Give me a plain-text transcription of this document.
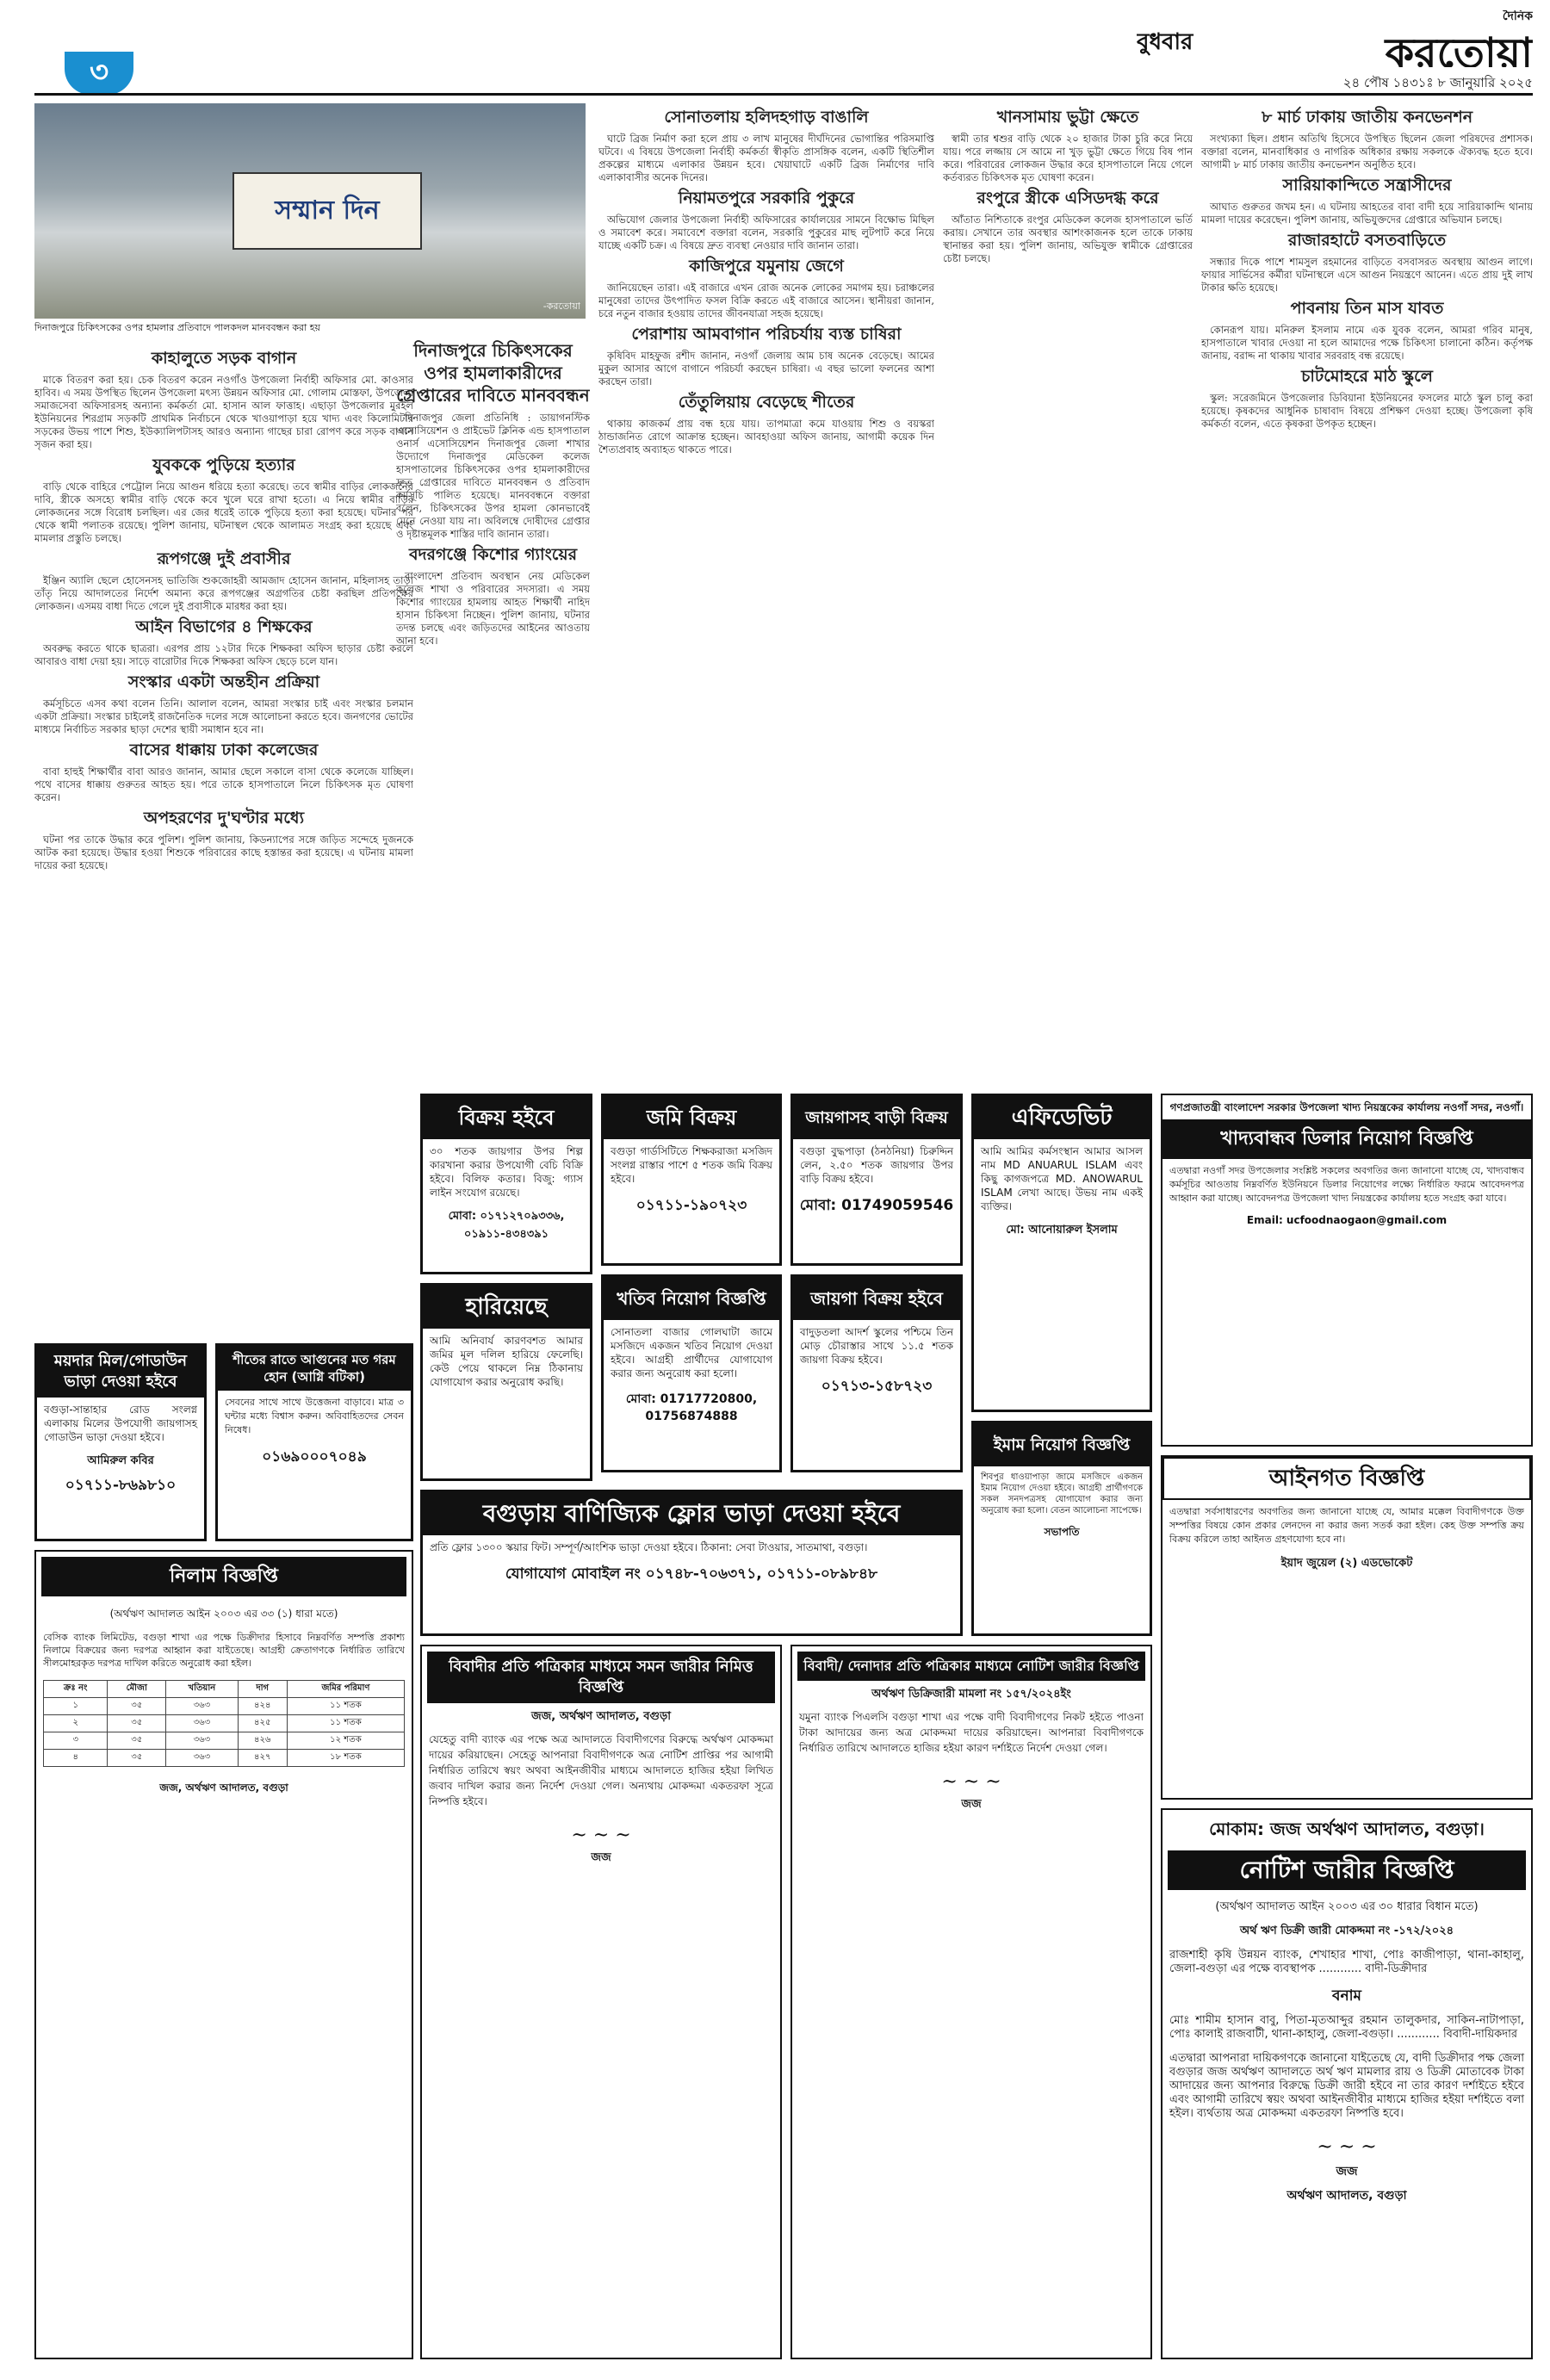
৩
বুধবার
দৈনিক
করতোয়া
২৪ পৌষ ১৪৩১ঃ ৮ জানুয়ারি ২০২৫
সম্মান দিন
-করতোয়া
দিনাজপুরে চিকিৎসকের ওপর হামলার প্রতিবাদে পালকদল মানববন্ধন করা হয়
কাহালুতে সড়ক বাগান

মাকে বিতরণ করা হয়। চেক বিতরণ করেন নওগাঁও উপজেলা নির্বাহী অফিসার মো. কাওসার হাবিব। এ সময় উপস্থিত ছিলেন উপজেলা মৎস্য উন্নয়ন অফিসার মো. গোলাম মোস্তফা, উপজেলা সমাজসেবা অফিসারসহ অন্যান্য কর্মকর্তা মো. হাসান আল ফাত্তাহ। এছাড়া উপজেলার মুরইল ইউনিয়নের শিরগ্রাম সড়কটি প্রাথমিক নির্বাচনে থেকে খাওয়াপাড়া হয়ে খাদ্য এবং কিলোমিটার সড়কের উভয় পাশে শিশু, ইউক্যালিপটাসহ আরও অন্যান্য গাছের চারা রোপণ করে সড়ক বাগান সৃজন করা হয়।

যুবককে পুড়িয়ে হত্যার

বাড়ি থেকে বাহিরে পেট্রোল নিয়ে আগুন ধরিয়ে হত্যা করেছে। তবে স্বামীর বাড়ির লোকজনের দাবি, স্ত্রীকে অসহ্যে স্বামীর বাড়ি থেকে কবে খুলে ঘরে রাখা হতো। এ নিয়ে স্বামীর বাড়ির লোকজনের সঙ্গে বিরোধ চলছিল। এর জের ধরেই তাকে পুড়িয়ে হত্যা করা হয়েছে। ঘটনার পর থেকে স্বামী পলাতক রয়েছে। পুলিশ জানায়, ঘটনাস্থল থেকে আলামত সংগ্রহ করা হয়েছে এবং মামলার প্রস্তুতি চলছে।

রূপগঞ্জে দুই প্রবাসীর

ইঞ্জিন অ্যালি ছেলে হোসেনসহ ভাতিজি শুকজোহরী আমজাদ হোসেন জানান, মহিলাসহ তাড়া তাঁতৃ নিয়ে আদালতের নির্দেশ অমান্য করে রূপগঞ্জের অগ্রগতির চেষ্টা করছিল প্রতিপক্ষের লোকজন। এসময় বাধা দিতে গেলে দুই প্রবাসীকে মারধর করা হয়।

আইন বিভাগের ৪ শিক্ষকের

অবরুদ্ধ করতে থাকে ছাত্ররা। এরপর প্রায় ১২টার দিকে শিক্ষকরা অফিস ছাড়ার চেষ্টা করলে আবারও বাধা দেয়া হয়। সাড়ে বারোটার দিকে শিক্ষকরা অফিস ছেড়ে চলে যান।

সংস্কার একটা অন্তহীন প্রক্রিয়া

কর্মসূচিতে এসব কথা বলেন তিনি। আলাল বলেন, আমরা সংস্কার চাই এবং সংস্কার চলমান একটা প্রক্রিয়া। সংস্কার চাইলেই রাজনৈতিক দলের সঙ্গে আলোচনা করতে হবে। জনগণের ভোটের মাধ্যমে নির্বাচিত সরকার ছাড়া দেশের স্থায়ী সমাধান হবে না।

বাসের ধাক্কায় ঢাকা কলেজের

বাবা হাহুই শিক্ষার্থীর বাবা আরও জানান, আমার ছেলে সকালে বাসা থেকে কলেজে যাচ্ছিল। পথে বাসের ধাক্কায় গুরুতর আহত হয়। পরে তাকে হাসপাতালে নিলে চিকিৎসক মৃত ঘোষণা করেন।

অপহরণের দু'ঘণ্টার মধ্যে

ঘটনা পর তাকে উদ্ধার করে পুলিশ। পুলিশ জানায়, কিডন্যাপের সঙ্গে জড়িত সন্দেহে দুজনকে আটক করা হয়েছে। উদ্ধার হওয়া শিশুকে পরিবারের কাছে হস্তান্তর করা হয়েছে। এ ঘটনায় মামলা দায়ের করা হয়েছে।

দিনাজপুরে চিকিৎসকের ওপর হামলাকারীদের গ্রেপ্তারের দাবিতে মানববন্ধন

দিনাজপুর জেলা প্রতিনিধি : ডায়াগনস্টিক এসোসিয়েশন ও প্রাইভেট ক্লিনিক এন্ড হাসপাতাল ওনার্স এসোসিয়েশন দিনাজপুর জেলা শাখার উদ্যোগে দিনাজপুর মেডিকেল কলেজ হাসপাতালের চিকিৎসকের ওপর হামলাকারীদের দ্রুত গ্রেপ্তারের দাবিতে মানববন্ধন ও প্রতিবাদ কর্মসূচি পালিত হয়েছে। মানববন্ধনে বক্তারা বলেন, চিকিৎসকের উপর হামলা কোনভাবেই মেনে নেওয়া যায় না। অবিলম্বে দোষীদের গ্রেপ্তার ও দৃষ্টান্তমূলক শাস্তির দাবি জানান তারা।

বদরগঞ্জে কিশোর গ্যাংয়ের

বাংলাদেশ প্রতিবাদ অবস্থান নেয় মেডিকেল কলেজ শাখা ও পরিবারের সদস্যরা। এ সময় কিশোর গ্যাংয়ের হামলায় আহত শিক্ষার্থী নাহিদ হাসান চিকিৎসা নিচ্ছেন। পুলিশ জানায়, ঘটনার তদন্ত চলছে এবং জড়িতদের আইনের আওতায় আনা হবে।

সোনাতলায় হলিদহগাড় বাঙালি

ঘাটে ব্রিজ নির্মাণ করা হলে প্রায় ৩ লাখ মানুষের দীর্ঘদিনের ভোগান্তির পরিসমাপ্তি ঘটবে। এ বিষয়ে উপজেলা নির্বাহী কর্মকর্তা স্বীকৃতি প্রাসঙ্গিক বলেন, একটি স্থিতিশীল প্রকল্পের মাধ্যমে এলাকার উন্নয়ন হবে। খেয়াঘাটে একটি ব্রিজ নির্মাণের দাবি এলাকাবাসীর অনেক দিনের।

নিয়ামতপুরে সরকারি পুকুরে

অভিযোগ জেলার উপজেলা নির্বাহী অফিসারের কার্যালয়ের সামনে বিক্ষোভ মিছিল ও সমাবেশ করে। সমাবেশে বক্তারা বলেন, সরকারি পুকুরের মাছ লুটপাট করে নিয়ে যাচ্ছে একটি চক্র। এ বিষয়ে দ্রুত ব্যবস্থা নেওয়ার দাবি জানান তারা।

কাজিপুরে যমুনায় জেগে

জানিয়েছেন তারা। এই বাজারে এখন রোজ অনেক লোকের সমাগম হয়। চরাঞ্চলের মানুষেরা তাদের উৎপাদিত ফসল বিক্রি করতে এই বাজারে আসেন। স্থানীয়রা জানান, চরে নতুন বাজার হওয়ায় তাদের জীবনযাত্রা সহজ হয়েছে।

পেরাশায় আমবাগান পরিচর্যায় ব্যস্ত চাষিরা

কৃষিবিদ মাহফুজ রশীদ জানান, নওগাঁ জেলায় আম চাষ অনেক বেড়েছে। আমের মুকুল আসার আগে বাগানে পরিচর্যা করছেন চাষিরা। এ বছর ভালো ফলনের আশা করছেন তারা।

তেঁতুলিয়ায় বেড়েছে শীতের

থাকায় কাজকর্ম প্রায় বন্ধ হয়ে যায়। তাপমাত্রা কমে যাওয়ায় শিশু ও বয়স্করা ঠান্ডাজনিত রোগে আক্রান্ত হচ্ছেন। আবহাওয়া অফিস জানায়, আগামী কয়েক দিন শৈত্যপ্রবাহ অব্যাহত থাকতে পারে।

খানসামায় ভুট্টা ক্ষেতে

স্বামী তার শ্বশুর বাড়ি থেকে ২০ হাজার টাকা চুরি করে নিয়ে যায়। পরে লজ্জায় সে আমে না খুড় ভুট্টা ক্ষেতে গিয়ে বিষ পান করে। পরিবারের লোকজন উদ্ধার করে হাসপাতালে নিয়ে গেলে কর্তব্যরত চিকিৎসক মৃত ঘোষণা করেন।

রংপুরে স্ত্রীকে এসিডদগ্ধ করে

আঁতাত নিশিতাকে রংপুর মেডিকেল কলেজ হাসপাতালে ভর্তি করায়। সেখানে তার অবস্থার আশংকাজনক হলে তাকে ঢাকায় স্থানান্তর করা হয়। পুলিশ জানায়, অভিযুক্ত স্বামীকে গ্রেপ্তারের চেষ্টা চলছে।

৮ মার্চ ঢাকায় জাতীয় কনভেনশন

সংখ্যক্যা ছিল। প্রধান অতিথি হিসেবে উপস্থিত ছিলেন জেলা পরিষদের প্রশাসক। বক্তারা বলেন, মানবাধিকার ও নাগরিক অধিকার রক্ষায় সকলকে ঐক্যবদ্ধ হতে হবে। আগামী ৮ মার্চ ঢাকায় জাতীয় কনভেনশন অনুষ্ঠিত হবে।

সারিয়াকান্দিতে সন্ত্রাসীদের

আঘাত গুরুতর জখম হন। এ ঘটনায় আহতের বাবা বাদী হয়ে সারিয়াকান্দি থানায় মামলা দায়ের করেছেন। পুলিশ জানায়, অভিযুক্তদের গ্রেপ্তারে অভিযান চলছে।

রাজারহাটে বসতবাড়িতে

সন্ধ্যার দিকে পাশে শামসুল রহমানের বাড়িতে বসবাসরত অবস্থায় আগুন লাগে। ফায়ার সার্ভিসের কর্মীরা ঘটনাস্থলে এসে আগুন নিয়ন্ত্রণে আনেন। এতে প্রায় দুই লাখ টাকার ক্ষতি হয়েছে।

পাবনায় তিন মাস যাবত

কোনরূপ যায়। মনিরুল ইসলাম নামে এক যুবক বলেন, আমরা গরিব মানুষ, হাসপাতালে খাবার দেওয়া না হলে আমাদের পক্ষে চিকিৎসা চালানো কঠিন। কর্তৃপক্ষ জানায়, বরাদ্দ না থাকায় খাবার সরবরাহ বন্ধ রয়েছে।

চাটমোহরে মাঠ স্কুলে

স্কুল: সরেজমিনে উপজেলার ডিবিয়ানা ইউনিয়নের ফসলের মাঠে স্কুল চালু করা হয়েছে। কৃষকদের আধুনিক চাষাবাদ বিষয়ে প্রশিক্ষণ দেওয়া হচ্ছে। উপজেলা কৃষি কর্মকর্তা বলেন, এতে কৃষকরা উপকৃত হচ্ছেন।

বিক্রয় হইবে
৩০ শতক জায়গার উপর শিল্প কারখানা করার উপযোগী বেচি বিক্রি হইবে। বিলিফ কতার। বিজু: গ্যাস লাইন সংযোগ রয়েছে।
মোবা: ০১৭১২৭০৯৩৩৬, ০১৯১১-৪৩৪৩৯১
জমি বিক্রয়
বগুড়া গার্ডসিটিতে শিক্ষকরাজা মসজিদ সংলগ্ন রাস্তার পাশে ৫ শতক জমি বিক্রয় হইবে।
০১৭১১-১৯০৭২৩
জায়গাসহ বাড়ী বিক্রয়
বগুড়া বুদ্ধপাড়া (ঠনঠনিয়া) চিরুদ্দিন লেন, ২.৫০ শতক জায়গার উপর বাড়ি বিক্রয় হইবে।
মোবা: 01749059546
এফিডেভিট
আমি আমির কর্মসংস্থান আমার আসল নাম MD ANUARUL ISLAM এবং কিছু কাগজপত্রে MD. ANOWARUL ISLAM লেখা আছে। উভয় নাম একই ব্যক্তির।
মো: আনোয়ারুল ইসলাম
খতিব নিয়োগ বিজ্ঞপ্তি
সোনাতলা বাজার গোলঘাটা জামে মসজিদে একজন খতিব নিয়োগ দেওয়া হইবে। আগ্রহী প্রার্থীদের যোগাযোগ করার জন্য অনুরোধ করা হলো।
মোবা: 01717720800, 01756874888
জায়গা বিক্রয় হইবে
বাদুড়তলা আদর্শ স্কুলের পশ্চিমে তিন মোড় চৌরাস্তার সাথে ১১.৫ শতক জায়গা বিক্রয় হইবে।
০১৭১৩-১৫৮৭২৩
হারিয়েছে
আমি অনিবার্য কারণবশত আমার জমির মূল দলিল হারিয়ে ফেলেছি। কেউ পেয়ে থাকলে নিম্ন ঠিকানায় যোগাযোগ করার অনুরোধ করছি।
বগুড়ায় বাণিজ্যিক ফ্লোর ভাড়া দেওয়া হইবে
প্রতি ফ্লোর ১৩০০ স্কয়ার ফিট। সম্পূর্ণ/আংশিক ভাড়া দেওয়া হইবে। ঠিকানা: সেবা টাওয়ার, সাতমাথা, বগুড়া।
যোগাযোগ মোবাইল নং ০১৭৪৮-৭০৬৩৭১, ০১৭১১-০৮৯৮৪৮
ইমাম নিয়োগ বিজ্ঞপ্তি
শিবপুর ধাওয়াপাড়া জামে মসজিদে একজন ইমাম নিয়োগ দেওয়া হইবে। আগ্রহী প্রার্থীগণকে সকল সনদপত্রসহ যোগাযোগ করার জন্য অনুরোধ করা হলো। বেতন আলোচনা সাপেক্ষে।
সভাপতি
ময়দার মিল/গোডাউন ভাড়া দেওয়া হইবে
বগুড়া-সান্তাহার রোড সংলগ্ন এলাকায় মিলের উপযোগী জায়গাসহ গোডাউন ভাড়া দেওয়া হইবে।
আমিরুল কবির
০১৭১১-৮৬৯৮১০
শীতের রাতে আগুনের মত গরম হোন (আগ্নি বটিকা)
সেবনের সাথে সাথে উত্তেজনা বাড়াবে। মাত্র ৩ ঘন্টার মধ্যে বিশ্বাস করুন। অবিবাহিতদের সেবন নিষেধ।
০১৬৯০০০৭০৪৯
গণপ্রজাতন্ত্রী বাংলাদেশ সরকার উপজেলা খাদ্য নিয়ন্ত্রকের কার্যালয় নওগাঁ সদর, নওগাঁ।
খাদ্যবান্ধব ডিলার নিয়োগ বিজ্ঞপ্তি
এতদ্বারা নওগাঁ সদর উপজেলার সংশ্লিষ্ট সকলের অবগতির জন্য জানানো যাচ্ছে যে, খাদ্যবান্ধব কর্মসূচির আওতায় নিম্নবর্ণিত ইউনিয়নে ডিলার নিয়োগের লক্ষ্যে নির্ধারিত ফরমে আবেদনপত্র আহ্বান করা যাচ্ছে। আবেদনপত্র উপজেলা খাদ্য নিয়ন্ত্রকের কার্যালয় হতে সংগ্রহ করা যাবে।
Email: ucfoodnaogaon@gmail.com
আইনগত বিজ্ঞপ্তি
এতদ্বারা সর্বসাধারণের অবগতির জন্য জানানো যাচ্ছে যে, আমার মক্কেল বিবাদীগণকে উক্ত সম্পত্তির বিষয়ে কোন প্রকার লেনদেন না করার জন্য সতর্ক করা হইল। কেহ উক্ত সম্পত্তি ক্রয় বিক্রয় করিলে তাহা আইনত গ্রহণযোগ্য হবে না।
ইয়াদ জুয়েল (২) এডভোকেট
মোকাম: জজ অর্থঋণ আদালত, বগুড়া।
নোটিশ জারীর বিজ্ঞপ্তি
(অর্থঋণ আদালত আইন ২০০৩ এর ৩০ ধারার বিধান মতে)
অর্থ ঋণ ডিক্রী জারী মোকদ্দমা নং -১৭২/২০২৪
রাজশাহী কৃষি উন্নয়ন ব্যাংক, শেখাহার শাখা, পোঃ কাজীপাড়া, থানা-কাহালু, জেলা-বগুড়া এর পক্ষে ব্যবস্থাপক ............ বাদী-ডিক্রীদার
বনাম
মোঃ শামীম হাসান বাবু, পিতা-মৃতআব্দুর রহমান তালুকদার, সাকিন-নাটাপাড়া, পোঃ কালাই রাজবাটী, থানা-কাহালু, জেলা-বগুড়া। ............ বিবাদী-দায়িকদার
এতদ্বারা আপনারা দায়িকগণকে জানানো যাইতেছে যে, বাদী ডিক্রীদার পক্ষ জেলা বগুড়ার জজ অর্থঋণ আদালতে অর্থ ঋণ মামলার রায় ও ডিক্রী মোতাবেক টাকা আদায়ের জন্য আপনার বিরুদ্ধে ডিক্রী জারী হইবে না তার কারণ দর্শাইতে হইবে এবং আগামী তারিখে স্বয়ং অথবা আইনজীবীর মাধ্যমে হাজির হইয়া দর্শাইতে বলা হইল। ব্যর্থতায় অত্র মোকদ্দমা একতরফা নিষ্পত্তি হবে।
~ ~ ~
জজ
অর্থঋণ আদালত, বগুড়া
বিবাদীর প্রতি পত্রিকার মাধ্যমে সমন জারীর নিমিত্ত বিজ্ঞপ্তি
জজ, অর্থঋণ আদালত, বগুড়া
যেহেতু বাদী ব্যাংক এর পক্ষে অত্র আদালতে বিবাদীগণের বিরুদ্ধে অর্থঋণ মোকদ্দমা দায়ের করিয়াছেন। সেহেতু আপনারা বিবাদীগণকে অত্র নোটিশ প্রাপ্তির পর আগামী নির্ধারিত তারিখে স্বয়ং অথবা আইনজীবীর মাধ্যমে আদালতে হাজির হইয়া লিখিত জবাব দাখিল করার জন্য নির্দেশ দেওয়া গেল। অন্যথায় মোকদ্দমা একতরফা সূত্রে নিষ্পত্তি হইবে।
~ ~ ~
জজ
বিবাদী/ দেনাদার প্রতি পত্রিকার মাধ্যমে নোটিশ জারীর বিজ্ঞপ্তি
অর্থঋণ ডিক্রিজারী মামলা নং ১৫৭/২০২৪ইং
যমুনা ব্যাংক পিএলসি বগুড়া শাখা এর পক্ষে বাদী বিবাদীগণের নিকট হইতে পাওনা টাকা আদায়ের জন্য অত্র মোকদ্দমা দায়ের করিয়াছেন। আপনারা বিবাদীগণকে নির্ধারিত তারিখে আদালতে হাজির হইয়া কারণ দর্শাইতে নির্দেশ দেওয়া গেল।
~ ~ ~
জজ
নিলাম বিজ্ঞপ্তি
(অর্থঋণ আদালত আইন ২০০৩ এর ৩৩ (১) ধারা মতে)
বেসিক ব্যাংক লিমিটেড, বগুড়া শাখা এর পক্ষে ডিক্রীদার হিসাবে নিম্নবর্ণিত সম্পত্তি প্রকাশ্য নিলামে বিক্রয়ের জন্য দরপত্র আহ্বান করা যাইতেছে। আগ্রহী ক্রেতাগণকে নির্ধারিত তারিখে সীলমোহরকৃত দরপত্র দাখিল করিতে অনুরোধ করা হইল।
ক্রঃ নং	মৌজা	খতিয়ান	দাগ	জমির পরিমাণ
১	৩৫	৩৬৩	৪২৪	১১ শতক
২	৩৫	৩৬৩	৪২৫	১১ শতক
৩	৩৫	৩৬৩	৪২৬	১২ শতক
৪	৩৫	৩৬৩	৪২৭	১৮ শতক
জজ, অর্থঋণ আদালত, বগুড়া
